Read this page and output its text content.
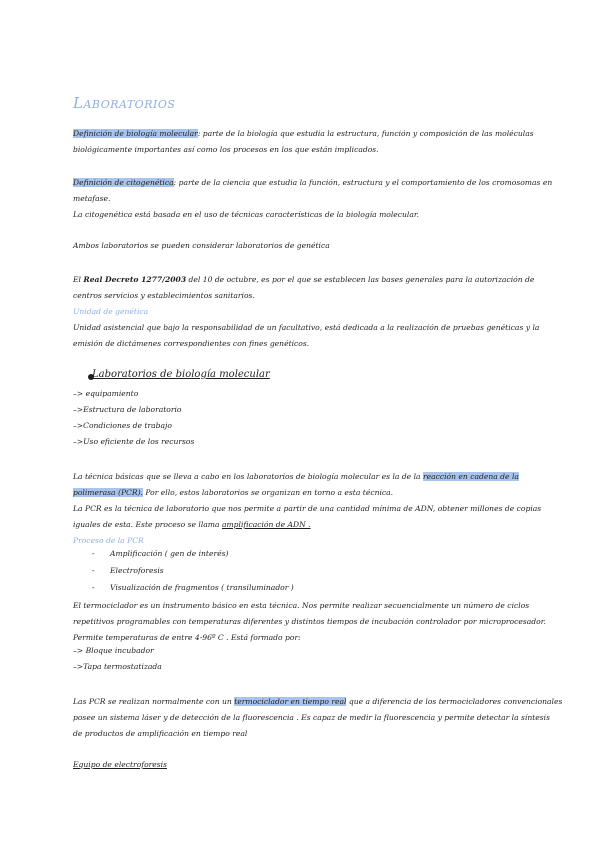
Laboratorios
Definición de biología molecular: parte de la biología que estudia la estructura, función y composición de las moléculas
biológicamente importantes así como los procesos en los que están implicados.
Definición de citogenética: parte de la ciencia que estudia la función, estructura y el comportamiento de los cromosomas en
metafase.
La citogenética está basada en el uso de técnicas características de la biología molecular.
Ambos laboratorios se pueden considerar laboratorios de genética
El Real Decreto 1277/2003 del 10 de octubre, es por el que se establecen las bases generales para la autorización de
centros servicios y establecimientos sanitarios.
Unidad de genética
Unidad asistencial que bajo la responsabilidad de un facultativo, está dedicada a la realización de pruebas genéticas y la
emisión de dictámenes correspondientes con fines genéticos.
Laboratorios de biología molecular
–> equipamiento
–>Estructura de laboratorio
–>Condiciones de trabajo
–>Uso eficiente de los recursos
La técnica básicas que se lleva a cabo en los laboratorios de biología molecular es la de la reacción en cadena de la
polimerasa (PCR). Por ello, estos laboratorios se organizan en torno a esta técnica.
La PCR es la técnica de laboratorio que nos permite a partir de una cantidad mínima de ADN, obtener millones de copias
iguales de esta. Este proceso se llama amplificación de ADN .
Proceso de la PCR
- Amplificación ( gen de interés)
- Electroforesis
- Visualización de fragmentos ( transiluminador )
El termociclador es un instrumento básico en esta técnica. Nos permite realizar secuencialmente un número de ciclos
repetitivos programables con temperaturas diferentes y distintos tiempos de incubación controlador por microprocesador.
Permite temperaturas de entre 4-96º C . Está formado por:
–> Bloque incubador
–>Tapa termostatizada
Las PCR se realizan normalmente con un termociclador en tiempo real que a diferencia de los termocicladores convencionales
posee un sistema láser y de detección de la fluorescencia . Es capaz de medir la fluorescencia y permite detectar la síntesis
de productos de amplificación en tiempo real
Equipo de electroforesis
